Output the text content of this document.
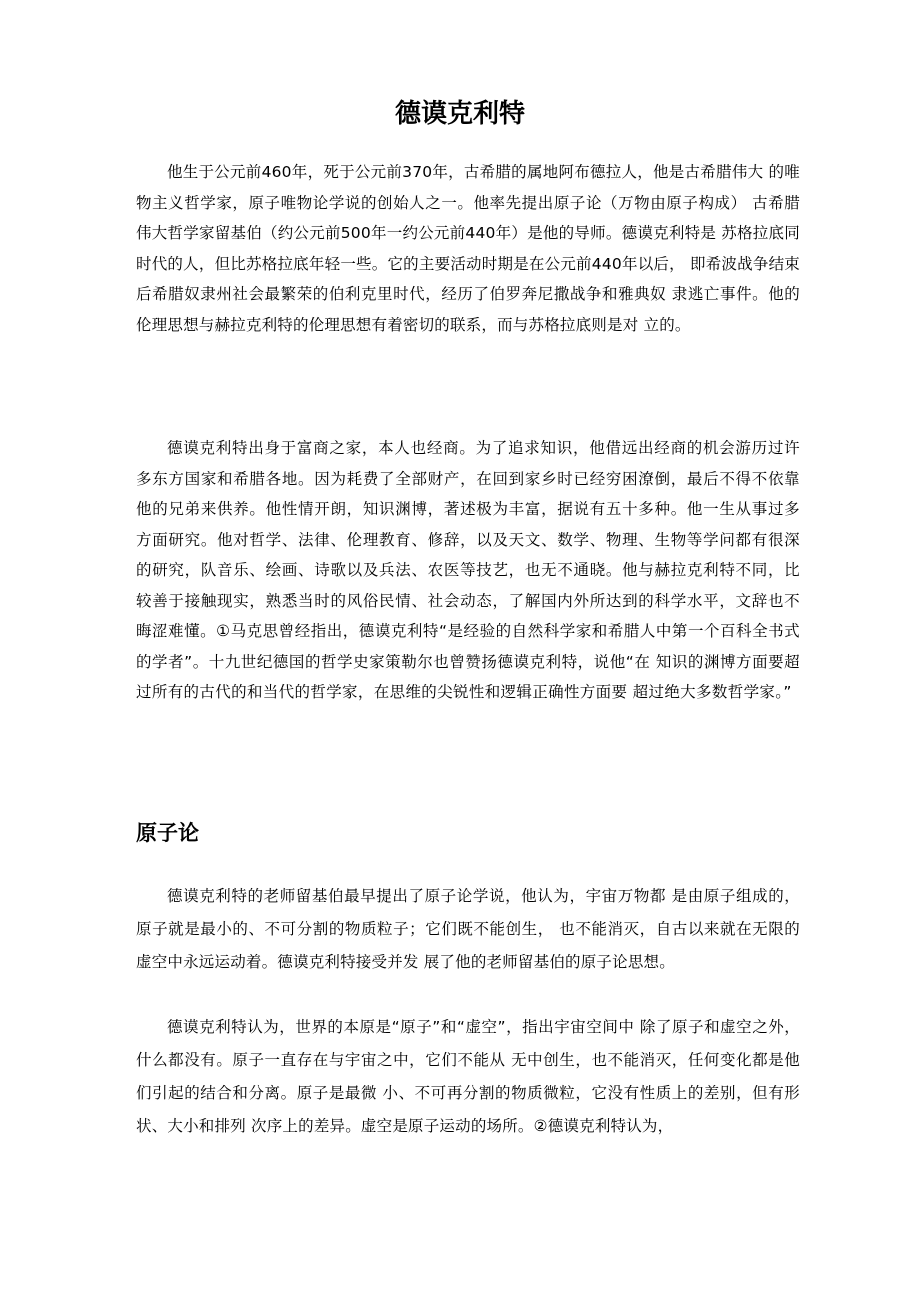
德谟克利特

他生于公元前460年，死于公元前370年，古希腊的属地阿布德拉人，他是古希腊伟大 的唯物主义哲学家，原子唯物论学说的创始人之一。他率先提出原子论（万物由原子构成） 古希腊伟大哲学家留基伯（约公元前500年一约公元前440年）是他的导师。德谟克利特是 苏格拉底同时代的人，但比苏格拉底年轻一些。它的主要活动时期是在公元前440年以后， 即希波战争结束后希腊奴隶州社会最繁荣的伯利克里时代，经历了伯罗奔尼撒战争和雅典奴 隶逃亡事件。他的伦理思想与赫拉克利特的伦理思想有着密切的联系，而与苏格拉底则是对 立的。

德谟克利特出身于富商之家，本人也经商。为了追求知识，他借远出经商的机会游历过许多东方国家和希腊各地。因为耗费了全部财产，在回到家乡时已经穷困潦倒，最后不得不依靠他的兄弟来供养。他性情开朗，知识渊博，著述极为丰富，据说有五十多种。他一生从事过多方面研究。他对哲学、法律、伦理教育、修辞，以及天文、数学、物理、生物等学问都有很深的研究，队音乐、绘画、诗歌以及兵法、农医等技艺，也无不通晓。他与赫拉克利特不同，比较善于接触现实，熟悉当时的风俗民情、社会动态，了解国内外所达到的科学水平，文辞也不晦涩难懂。①马克思曾经指出，德谟克利特“是经验的自然科学家和希腊人中第一个百科全书式的学者”。十九世纪德国的哲学史家策勒尔也曾赞扬德谟克利特，说他“在 知识的渊博方面要超过所有的古代的和当代的哲学家，在思维的尖锐性和逻辑正确性方面要 超过绝大多数哲学家。”

原子论

德谟克利特的老师留基伯最早提出了原子论学说，他认为，宇宙万物都 是由原子组成的，原子就是最小的、不可分割的物质粒子；它们既不能创生， 也不能消灭，自古以来就在无限的虚空中永远运动着。德谟克利特接受并发 展了他的老师留基伯的原子论思想。

德谟克利特认为，世界的本原是“原子”和“虚空”，指出宇宙空间中 除了原子和虚空之外，什么都没有。原子一直存在与宇宙之中，它们不能从 无中创生，也不能消灭，任何变化都是他们引起的结合和分离。原子是最微 小、不可再分割的物质微粒，它没有性质上的差别，但有形状、大小和排列 次序上的差异。虚空是原子运动的场所。②德谟克利特认为，
